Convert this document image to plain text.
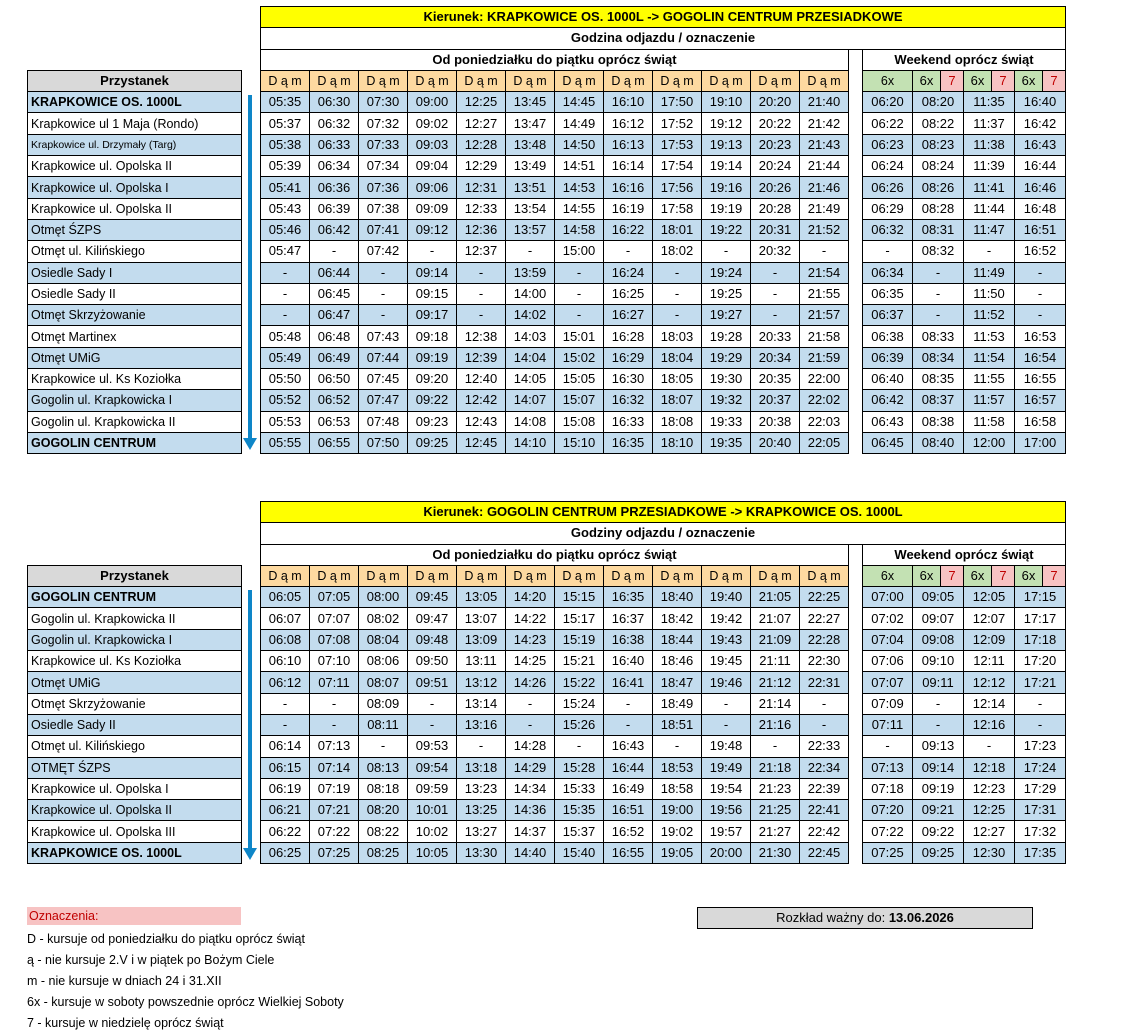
		Kierunek: KRAPKOWICE OS. 1000L -> GOGOLIN CENTRUM PRZESIADKOWE																
		Godzina odjazdu / oznaczenie																
		Od poniedziałku do piątku oprócz świąt													Weekend oprócz świąt			
Przystanek		D ą m	D ą m	D ą m	D ą m	D ą m	D ą m	D ą m	D ą m	D ą m	D ą m	D ą m	D ą m		6x	6x 7	6x 7	6x 7
KRAPKOWICE OS. 1000L		05:35	06:30	07:30	09:00	12:25	13:45	14:45	16:10	17:50	19:10	20:20	21:40		06:20	08:20	11:35	16:40
Krapkowice ul 1 Maja (Rondo)		05:37	06:32	07:32	09:02	12:27	13:47	14:49	16:12	17:52	19:12	20:22	21:42		06:22	08:22	11:37	16:42
Krapkowice ul. Drzymały (Targ)		05:38	06:33	07:33	09:03	12:28	13:48	14:50	16:13	17:53	19:13	20:23	21:43		06:23	08:23	11:38	16:43
Krapkowice ul. Opolska II		05:39	06:34	07:34	09:04	12:29	13:49	14:51	16:14	17:54	19:14	20:24	21:44		06:24	08:24	11:39	16:44
Krapkowice ul. Opolska I		05:41	06:36	07:36	09:06	12:31	13:51	14:53	16:16	17:56	19:16	20:26	21:46		06:26	08:26	11:41	16:46
Krapkowice ul. Opolska II		05:43	06:39	07:38	09:09	12:33	13:54	14:55	16:19	17:58	19:19	20:28	21:49		06:29	08:28	11:44	16:48
Otmęt ŚZPS		05:46	06:42	07:41	09:12	12:36	13:57	14:58	16:22	18:01	19:22	20:31	21:52		06:32	08:31	11:47	16:51
Otmęt ul. Kilińskiego		05:47	-	07:42	-	12:37	-	15:00	-	18:02	-	20:32	-		-	08:32	-	16:52
Osiedle Sady I		-	06:44	-	09:14	-	13:59	-	16:24	-	19:24	-	21:54		06:34	-	11:49	-
Osiedle Sady II		-	06:45	-	09:15	-	14:00	-	16:25	-	19:25	-	21:55		06:35	-	11:50	-
Otmęt Skrzyżowanie		-	06:47	-	09:17	-	14:02	-	16:27	-	19:27	-	21:57		06:37	-	11:52	-
Otmęt Martinex		05:48	06:48	07:43	09:18	12:38	14:03	15:01	16:28	18:03	19:28	20:33	21:58		06:38	08:33	11:53	16:53
Otmęt UMiG		05:49	06:49	07:44	09:19	12:39	14:04	15:02	16:29	18:04	19:29	20:34	21:59		06:39	08:34	11:54	16:54
Krapkowice ul. Ks Koziołka		05:50	06:50	07:45	09:20	12:40	14:05	15:05	16:30	18:05	19:30	20:35	22:00		06:40	08:35	11:55	16:55
Gogolin ul. Krapkowicka I		05:52	06:52	07:47	09:22	12:42	14:07	15:07	16:32	18:07	19:32	20:37	22:02		06:42	08:37	11:57	16:57
Gogolin ul. Krapkowicka II		05:53	06:53	07:48	09:23	12:43	14:08	15:08	16:33	18:08	19:33	20:38	22:03		06:43	08:38	11:58	16:58
GOGOLIN CENTRUM		05:55	06:55	07:50	09:25	12:45	14:10	15:10	16:35	18:10	19:35	20:40	22:05		06:45	08:40	12:00	17:00
		Kierunek: GOGOLIN CENTRUM PRZESIADKOWE -> KRAPKOWICE OS. 1000L																
		Godziny odjazdu / oznaczenie																
		Od poniedziałku do piątku oprócz świąt													Weekend oprócz świąt			
Przystanek		D ą m	D ą m	D ą m	D ą m	D ą m	D ą m	D ą m	D ą m	D ą m	D ą m	D ą m	D ą m		6x	6x 7	6x 7	6x 7
GOGOLIN CENTRUM		06:05	07:05	08:00	09:45	13:05	14:20	15:15	16:35	18:40	19:40	21:05	22:25		07:00	09:05	12:05	17:15
Gogolin ul. Krapkowicka II		06:07	07:07	08:02	09:47	13:07	14:22	15:17	16:37	18:42	19:42	21:07	22:27		07:02	09:07	12:07	17:17
Gogolin ul. Krapkowicka I		06:08	07:08	08:04	09:48	13:09	14:23	15:19	16:38	18:44	19:43	21:09	22:28		07:04	09:08	12:09	17:18
Krapkowice ul. Ks Koziołka		06:10	07:10	08:06	09:50	13:11	14:25	15:21	16:40	18:46	19:45	21:11	22:30		07:06	09:10	12:11	17:20
Otmęt UMiG		06:12	07:11	08:07	09:51	13:12	14:26	15:22	16:41	18:47	19:46	21:12	22:31		07:07	09:11	12:12	17:21
Otmęt Skrzyżowanie		-	-	08:09	-	13:14	-	15:24	-	18:49	-	21:14	-		07:09	-	12:14	-
Osiedle Sady II		-	-	08:11	-	13:16	-	15:26	-	18:51	-	21:16	-		07:11	-	12:16	-
Otmęt ul. Kilińskiego		06:14	07:13	-	09:53	-	14:28	-	16:43	-	19:48	-	22:33		-	09:13	-	17:23
OTMĘT ŚZPS		06:15	07:14	08:13	09:54	13:18	14:29	15:28	16:44	18:53	19:49	21:18	22:34		07:13	09:14	12:18	17:24
Krapkowice ul. Opolska I		06:19	07:19	08:18	09:59	13:23	14:34	15:33	16:49	18:58	19:54	21:23	22:39		07:18	09:19	12:23	17:29
Krapkowice ul. Opolska II		06:21	07:21	08:20	10:01	13:25	14:36	15:35	16:51	19:00	19:56	21:25	22:41		07:20	09:21	12:25	17:31
Krapkowice ul. Opolska III		06:22	07:22	08:22	10:02	13:27	14:37	15:37	16:52	19:02	19:57	21:27	22:42		07:22	09:22	12:27	17:32
KRAPKOWICE OS. 1000L		06:25	07:25	08:25	10:05	13:30	14:40	15:40	16:55	19:05	20:00	21:30	22:45		07:25	09:25	12:30	17:35
Oznaczenia:
D - kursuje od poniedziałku do piątku oprócz świąt
ą - nie kursuje 2.V i w piątek po Bożym Ciele
m - nie kursuje w dniach 24 i 31.XII
6x - kursuje w soboty powszednie oprócz Wielkiej Soboty
7 - kursuje w niedzielę oprócz świąt
Rozkład ważny do: 13.06.2026
